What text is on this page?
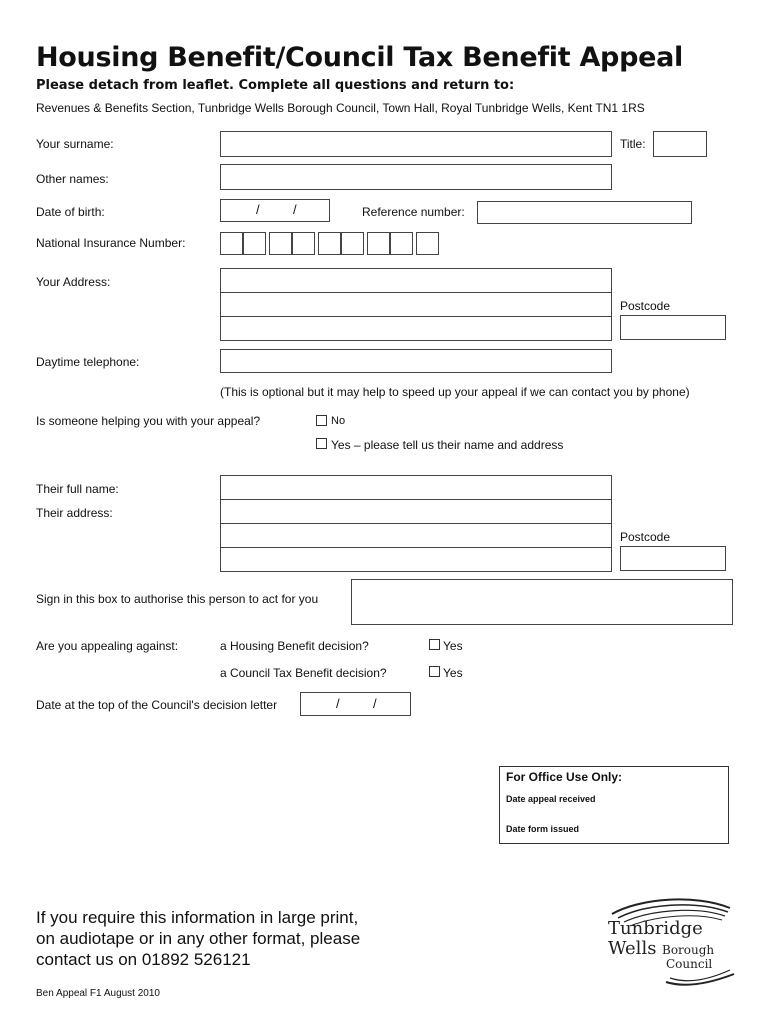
Housing Benefit/Council Tax Benefit Appeal
Please detach from leaflet. Complete all questions and return to:
Revenues & Benefits Section, Tunbridge Wells Borough Council, Town Hall, Royal Tunbridge Wells, Kent TN1 1RS
Your surname:	Title:
Other names:
Date of birth:	/	/	Reference number:
National Insurance Number:
Your Address:
Postcode
Daytime telephone:
(This is optional but it may help to speed up your appeal if we can contact you by phone)
Is someone helping you with your appeal?	No
Yes – please tell us their name and address
Their full name:
Their address:
Postcode
Sign in this box to authorise this person to act for you
Are you appealing against:	a Housing Benefit decision?	Yes
a Council Tax Benefit decision?	Yes
Date at the top of the Council's decision letter	/	/
For Office Use Only:
Date appeal received
Date form issued
If you require this information in large print,
on audiotape or in any other format, please
contact us on 01892 526121
Ben Appeal F1 August 2010
Tunbridge
Wells Borough
Council
